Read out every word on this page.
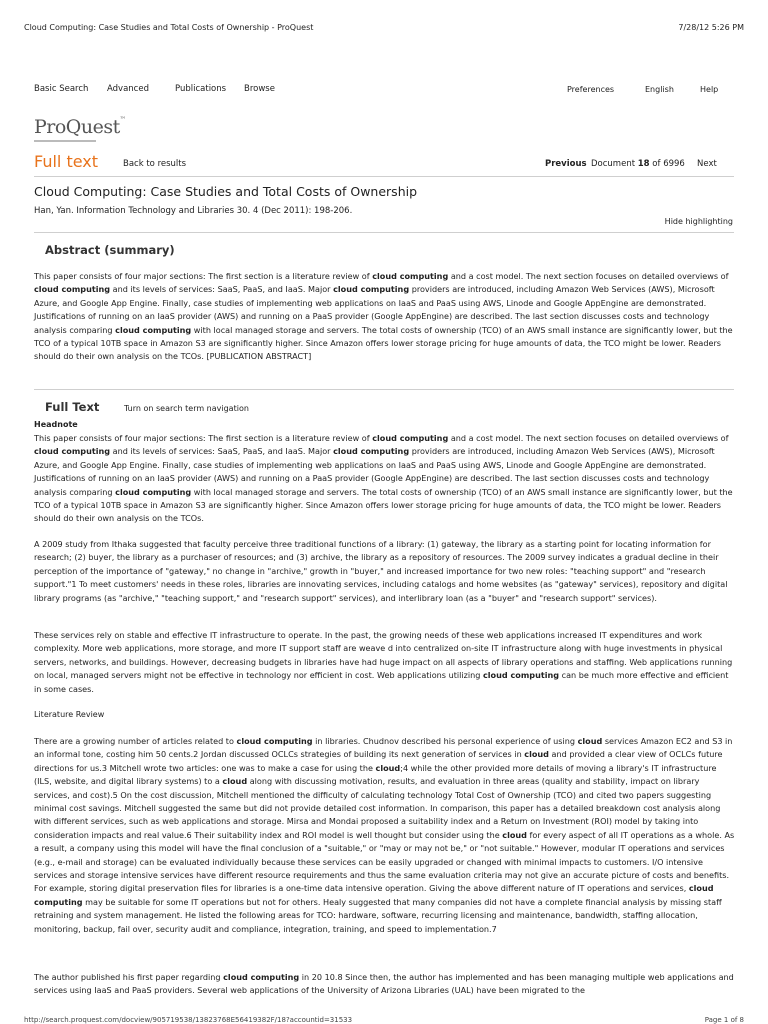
Cloud Computing: Case Studies and Total Costs of Ownership - ProQuest	7/28/12 5:26 PM
Basic Search Advanced	Publications Browse	Preferences	English	Help
ProQuest™
Full text	Back to results	Previous Document 18 of 6996 Next
Cloud Computing: Case Studies and Total Costs of Ownership
Han, Yan. Information Technology and Libraries 30. 4 (Dec 2011): 198-206.
Hide highlighting
Abstract (summary)
This paper consists of four major sections: The first section is a literature review of cloud computing and a cost model. The next section focuses on detailed overviews of cloud computing and its levels of services: SaaS, PaaS, and IaaS. Major cloud computing providers are introduced, including Amazon Web Services (AWS), Microsoft Azure, and Google App Engine. Finally, case studies of implementing web applications on IaaS and PaaS using AWS, Linode and Google AppEngine are demonstrated. Justifications of running on an IaaS provider (AWS) and running on a PaaS provider (Google AppEngine) are described. The last section discusses costs and technology analysis comparing cloud computing with local managed storage and servers. The total costs of ownership (TCO) of an AWS small instance are significantly lower, but the TCO of a typical 10TB space in Amazon S3 are significantly higher. Since Amazon offers lower storage pricing for huge amounts of data, the TCO might be lower. Readers should do their own analysis on the TCOs. [PUBLICATION ABSTRACT]
Full Text	Turn on search term navigation
Headnote
This paper consists of four major sections: The first section is a literature review of cloud computing and a cost model. The next section focuses on detailed overviews of cloud computing and its levels of services: SaaS, PaaS, and IaaS. Major cloud computing providers are introduced, including Amazon Web Services (AWS), Microsoft Azure, and Google App Engine. Finally, case studies of implementing web applications on IaaS and PaaS using AWS, Linode and Google AppEngine are demonstrated. Justifications of running on an IaaS provider (AWS) and running on a PaaS provider (Google AppEngine) are described. The last section discusses costs and technology analysis comparing cloud computing with local managed storage and servers. The total costs of ownership (TCO) of an AWS small instance are significantly lower, but the TCO of a typical 10TB space in Amazon S3 are significantly higher. Since Amazon offers lower storage pricing for huge amounts of data, the TCO might be lower. Readers should do their own analysis on the TCOs.
A 2009 study from Ithaka suggested that faculty perceive three traditional functions of a library: (1) gateway, the library as a starting point for locating information for research; (2) buyer, the library as a purchaser of resources; and (3) archive, the library as a repository of resources. The 2009 survey indicates a gradual decline in their perception of the importance of "gateway," no change in "archive," growth in "buyer," and increased importance for two new roles: "teaching support" and "research support."1 To meet customers' needs in these roles, libraries are innovating services, including catalogs and home websites (as "gateway" services), repository and digital library programs (as "archive," "teaching support," and "research support" services), and interlibrary loan (as a "buyer" and "research support" services).
These services rely on stable and effective IT infrastructure to operate. In the past, the growing needs of these web applications increased IT expenditures and work complexity. More web applications, more storage, and more IT support staff are weave d into centralized on-site IT infrastructure along with huge investments in physical servers, networks, and buildings. However, decreasing budgets in libraries have had huge impact on all aspects of library operations and staffing. Web applications running on local, managed servers might not be effective in technology nor efficient in cost. Web applications utilizing cloud computing can be much more effective and efficient in some cases.
Literature Review
There are a growing number of articles related to cloud computing in libraries. Chudnov described his personal experience of using cloud services Amazon EC2 and S3 in an informal tone, costing him 50 cents.2 Jordan discussed OCLCs strategies of building its next generation of services in cloud and provided a clear view of OCLCs future directions for us.3 Mitchell wrote two articles: one was to make a case for using the cloud;4 while the other provided more details of moving a library's IT infrastructure (ILS, website, and digital library systems) to a cloud along with discussing motivation, results, and evaluation in three areas (quality and stability, impact on library services, and cost).5 On the cost discussion, Mitchell mentioned the difficulty of calculating technology Total Cost of Ownership (TCO) and cited two papers suggesting minimal cost savings. Mitchell suggested the same but did not provide detailed cost information. In comparison, this paper has a detailed breakdown cost analysis along with different services, such as web applications and storage. Mirsa and Mondai proposed a suitability index and a Return on Investment (ROI) model by taking into consideration impacts and real value.6 Their suitability index and ROI model is well thought but consider using the cloud for every aspect of all IT operations as a whole. As a result, a company using this model will have the final conclusion of a "suitable," or "may or may not be," or "not suitable." However, modular IT operations and services (e.g., e-mail and storage) can be evaluated individually because these services can be easily upgraded or changed with minimal impacts to customers. I/O intensive services and storage intensive services have different resource requirements and thus the same evaluation criteria may not give an accurate picture of costs and benefits. For example, storing digital preservation files for libraries is a one-time data intensive operation. Giving the above different nature of IT operations and services, cloud computing may be suitable for some IT operations but not for others. Healy suggested that many companies did not have a complete financial analysis by missing staff retraining and system management. He listed the following areas for TCO: hardware, software, recurring licensing and maintenance, bandwidth, staffing allocation, monitoring, backup, fail over, security audit and compliance, integration, training, and speed to implementation.7
The author published his first paper regarding cloud computing in 20 10.8 Since then, the author has implemented and has been managing multiple web applications and services using IaaS and PaaS providers. Several web applications of the University of Arizona Libraries (UAL) have been migrated to the
http://search.proquest.com/docview/905719538/13823768E56419382F/18?accountid=31533	Page 1 of 8
